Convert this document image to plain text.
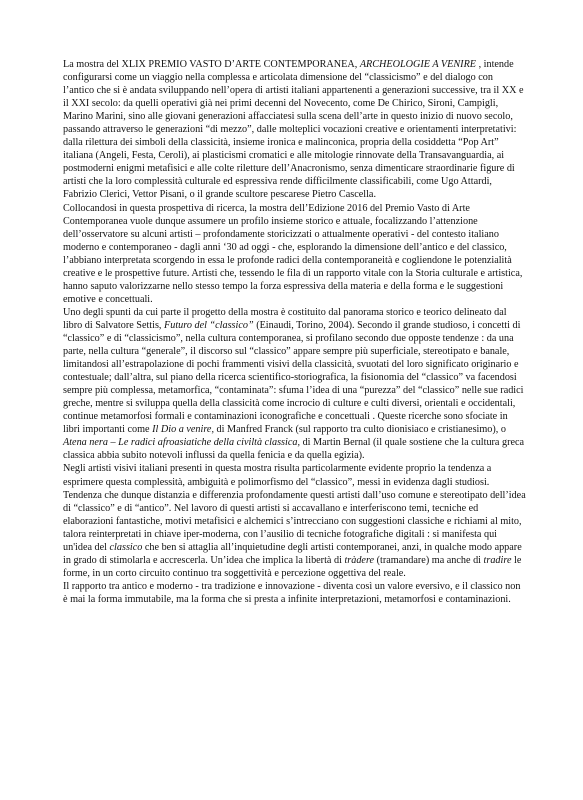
La mostra del XLIX PREMIO VASTO D’ARTE CONTEMPORANEA, ARCHEOLOGIE A VENIRE , intende configurarsi come un viaggio nella complessa e articolata dimensione del “classicismo” e del dialogo con l’antico che si è andata sviluppando nell’opera di artisti italiani appartenenti a generazioni successive, tra il XX e il XXI secolo: da quelli operativi già nei primi decenni del Novecento, come De Chirico, Sironi, Campigli, Marino Marini, sino alle giovani generazioni affacciatesi sulla scena dell’arte in questo inizio di nuovo secolo, passando attraverso le generazioni “di mezzo”, dalle molteplici vocazioni creative e orientamenti interpretativi: dalla rilettura dei simboli della classicità, insieme ironica e malinconica, propria della cosiddetta “Pop Art” italiana (Angeli, Festa, Ceroli), ai plasticismi cromatici e alle mitologie rinnovate della Transavanguardia, ai postmoderni enigmi metafisici e alle colte riletture dell’Anacronismo, senza dimenticare straordinarie figure di artisti che la loro complessità culturale ed espressiva rende difficilmente classificabili, come Ugo Attardi, Fabrizio Clerici, Vettor Pisani, o il grande scultore pescarese Pietro Cascella.

Collocandosi in questa prospettiva di ricerca, la mostra dell’Edizione 2016 del Premio Vasto di Arte Contemporanea vuole dunque assumere un profilo insieme storico e attuale, focalizzando l’attenzione dell’osservatore su alcuni artisti – profondamente storicizzati o attualmente operativi - del contesto italiano moderno e contemporaneo - dagli anni ‘30 ad oggi - che, esplorando la dimensione dell’antico e del classico, l’abbiano interpretata scorgendo in essa le profonde radici della contemporaneità e cogliendone le potenzialità creative e le prospettive future. Artisti che, tessendo le fila di un rapporto vitale con la Storia culturale e artistica, hanno saputo valorizzarne nello stesso tempo la forza espressiva della materia e della forma e le suggestioni emotive e concettuali.

Uno degli spunti da cui parte il progetto della mostra è costituito dal panorama storico e teorico delineato dal libro di Salvatore Settis, Futuro del “classico” (Einaudi, Torino, 2004). Secondo il grande studioso, i concetti di “classico” e di “classicismo”, nella cultura contemporanea, si profilano secondo due opposte tendenze : da una parte, nella cultura “generale”, il discorso sul “classico” appare sempre più superficiale, stereotipato e banale, limitandosi all’estrapolazione di pochi frammenti visivi della classicità, svuotati del loro significato originario e contestuale; dall’altra, sul piano della ricerca scientifico-storiografica, la fisionomia del “classico” va facendosi sempre più complessa, metamorfica, “contaminata”: sfuma l’idea di una “purezza” del “classico” nelle sue radici greche, mentre si sviluppa quella della classicità come incrocio di culture e culti diversi, orientali e occidentali, continue metamorfosi formali e contaminazioni iconografiche e concettuali . Queste ricerche sono sfociate in libri importanti come Il Dio a venire, di Manfred Franck (sul rapporto tra culto dionisiaco e cristianesimo), o Atena nera – Le radici afroasiatiche della civiltà classica, di Martin Bernal (il quale sostiene che la cultura greca classica abbia subito notevoli influssi da quella fenicia e da quella egizia).

Negli artisti visivi italiani presenti in questa mostra risulta particolarmente evidente proprio la tendenza a esprimere questa complessità, ambiguità e polimorfismo del “classico”, messi in evidenza dagli studiosi. Tendenza che dunque distanzia e differenzia profondamente questi artisti dall’uso comune e stereotipato dell’idea di “classico” e di “antico”. Nel lavoro di questi artisti si accavallano e interferiscono temi, tecniche ed elaborazioni fantastiche, motivi metafisici e alchemici s’intrecciano con suggestioni classiche e richiami al mito, talora reinterpretati in chiave iper-moderna, con l’ausilio di tecniche fotografiche digitali : si manifesta qui un'idea del classico che ben si attaglia all’inquietudine degli artisti contemporanei, anzi, in qualche modo appare in grado di stimolarla e accrescerla. Un’idea che implica la libertà di tràdere (tramandare) ma anche di tradire le forme, in un corto circuito continuo tra soggettività e percezione oggettiva del reale.

Il rapporto tra antico e moderno - tra tradizione e innovazione - diventa così un valore eversivo, e il classico non è mai la forma immutabile, ma la forma che si presta a infinite interpretazioni, metamorfosi e contaminazioni.
